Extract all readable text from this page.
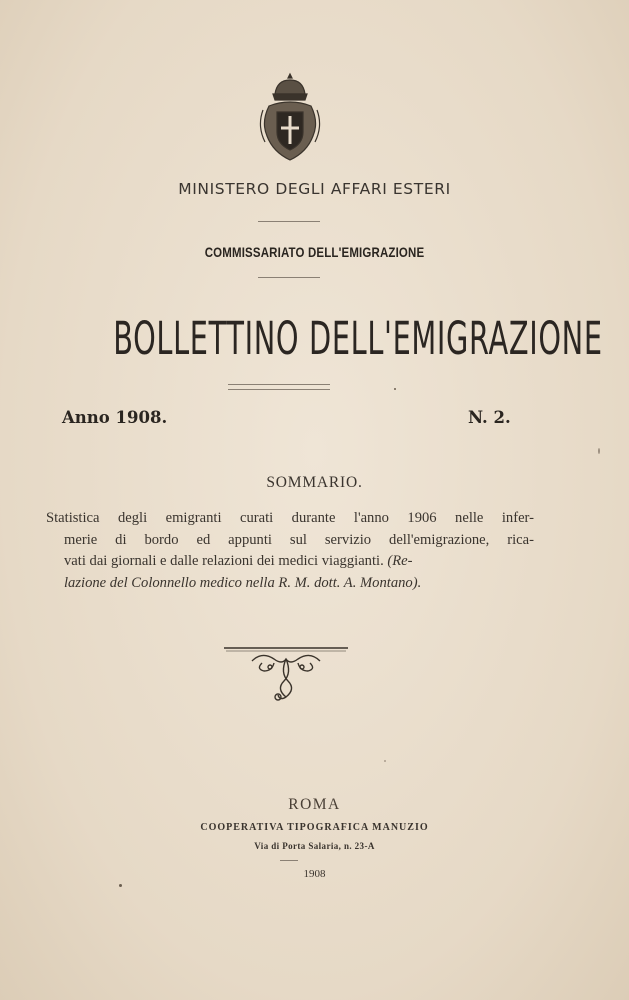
MINISTERO DEGLI AFFARI ESTERI
COMMISSARIATO DELL'EMIGRAZIONE
BOLLETTINO DELL'EMIGRAZIONE
Anno 1908.	N. 2.
SOMMARIO.
Statistica degli emigranti curati durante l'anno 1906 nelle infer-
merie di bordo ed appunti sul servizio dell'emigrazione, rica-
vati dai giornali e dalle relazioni dei medici viaggianti. (Re-
lazione del Colonnello medico nella R. M. dott. A. Montano).
ROMA
COOPERATIVA TIPOGRAFICA MANUZIO
Via di Porta Salaria, n. 23-A
1908
